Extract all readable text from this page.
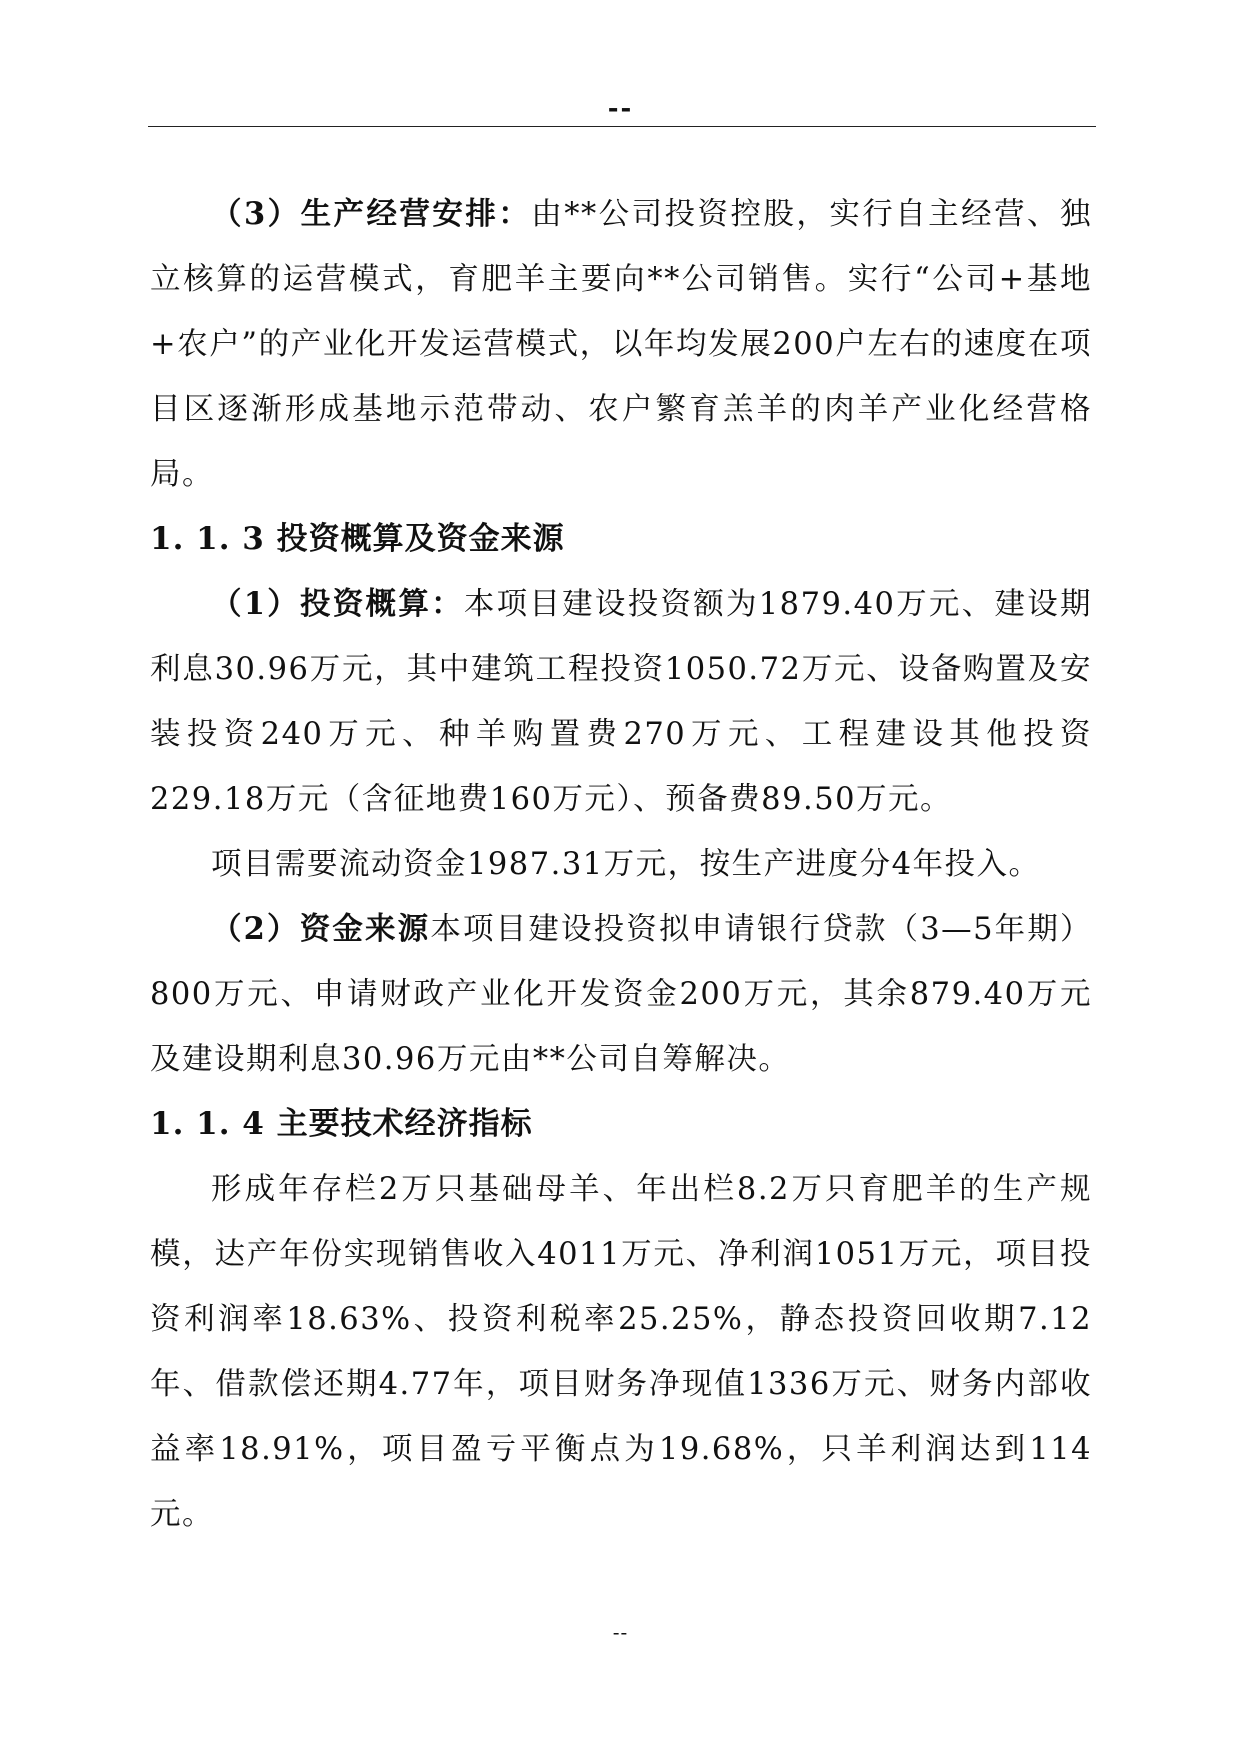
--

（3）生产经营安排：由**公司投资控股，实行自主经营、独立核算的运营模式，育肥羊主要向**公司销售。实行“公司+基地+农户”的产业化开发运营模式，以年均发展200户左右的速度在项目区逐渐形成基地示范带动、农户繁育羔羊的肉羊产业化经营格局。

1. 1. 3 投资概算及资金来源

（1）投资概算：本项目建设投资额为1879.40万元、建设期利息30.96万元，其中建筑工程投资1050.72万元、设备购置及安装投资240万元、种羊购置费270万元、工程建设其他投资229.18万元（含征地费160万元）、预备费89.50万元。

项目需要流动资金1987.31万元，按生产进度分4年投入。

（2）资金来源本项目建设投资拟申请银行贷款（3—5年期）800万元、申请财政产业化开发资金200万元，其余879.40万元及建设期利息30.96万元由**公司自筹解决。

1. 1. 4 主要技术经济指标

形成年存栏2万只基础母羊、年出栏8.2万只育肥羊的生产规模，达产年份实现销售收入4011万元、净利润1051万元，项目投资利润率18.63%、投资利税率25.25%，静态投资回收期7.12年、借款偿还期4.77年，项目财务净现值1336万元、财务内部收益率18.91%，项目盈亏平衡点为19.68%，只羊利润达到114元。

--
